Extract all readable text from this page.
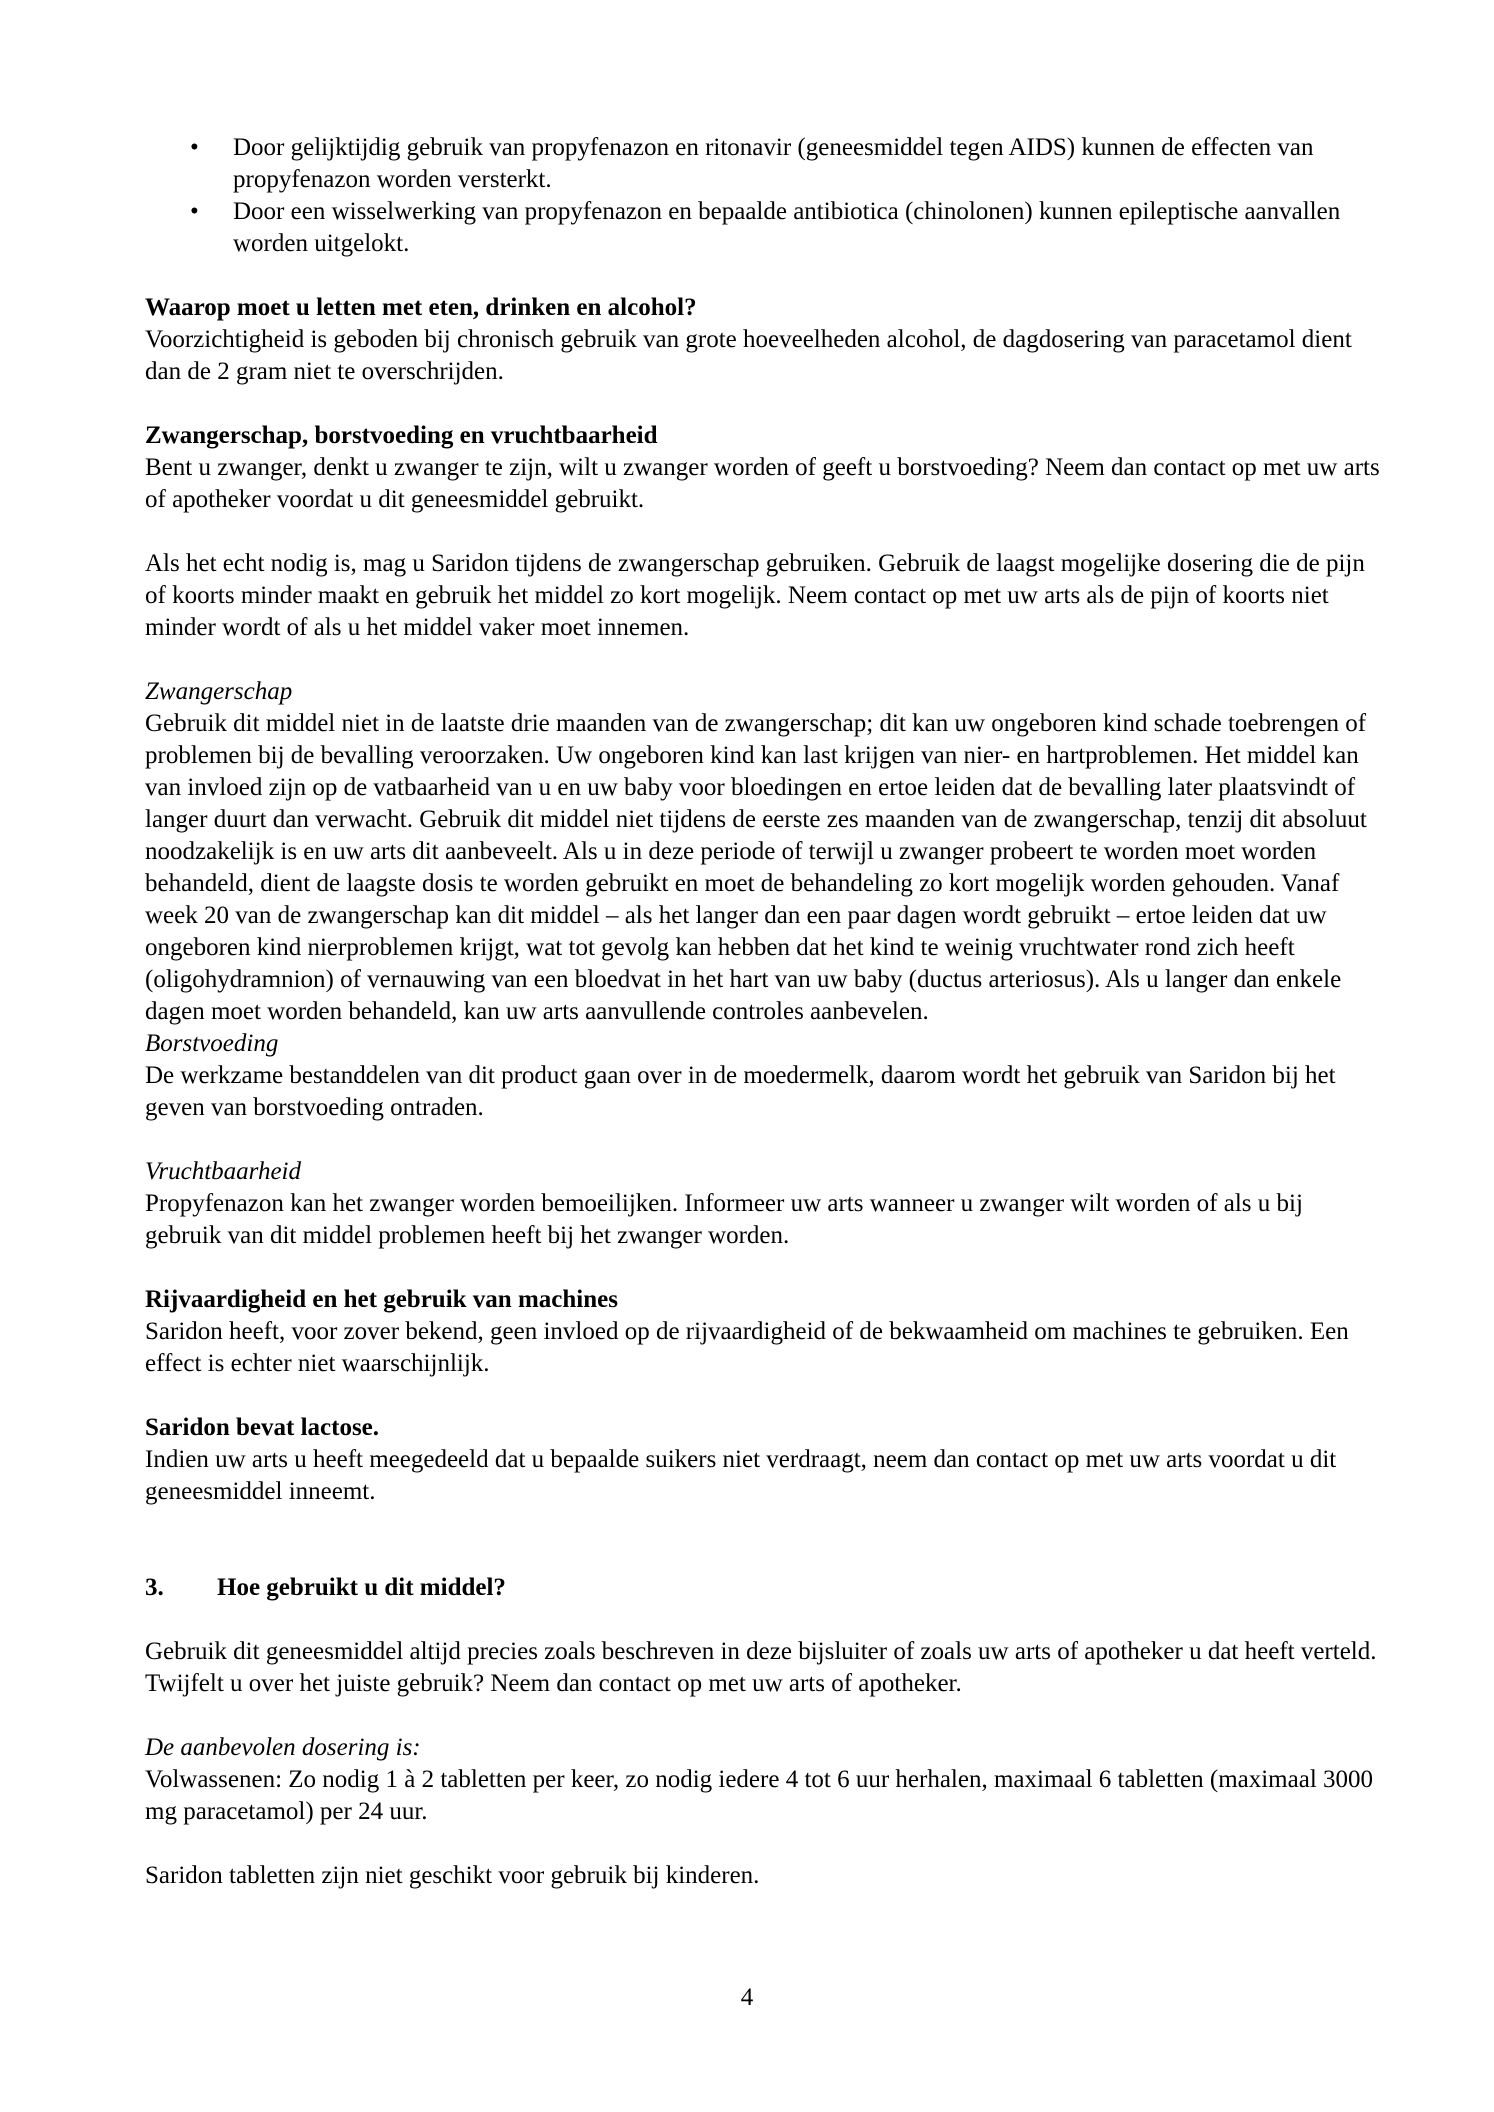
•	Door gelijktijdig gebruik van propyfenazon en ritonavir (geneesmiddel tegen AIDS) kunnen de effecten van propyfenazon worden versterkt.
•	Door een wisselwerking van propyfenazon en bepaalde antibiotica (chinolonen) kunnen epileptische aanvallen worden uitgelokt.

Waarop moet u letten met eten, drinken en alcohol?

Voorzichtigheid is geboden bij chronisch gebruik van grote hoeveelheden alcohol, de dagdosering van paracetamol dient dan de 2 gram niet te overschrijden.

Zwangerschap, borstvoeding en vruchtbaarheid

Bent u zwanger, denkt u zwanger te zijn, wilt u zwanger worden of geeft u borstvoeding? Neem dan contact op met uw arts of apotheker voordat u dit geneesmiddel gebruikt.

Als het echt nodig is, mag u Saridon tijdens de zwangerschap gebruiken. Gebruik de laagst mogelijke dosering die de pijn of koorts minder maakt en gebruik het middel zo kort mogelijk. Neem contact op met uw arts als de pijn of koorts niet minder wordt of als u het middel vaker moet innemen.

Zwangerschap

Gebruik dit middel niet in de laatste drie maanden van de zwangerschap; dit kan uw ongeboren kind schade toebrengen of problemen bij de bevalling veroorzaken. Uw ongeboren kind kan last krijgen van nier- en hartproblemen. Het middel kan van invloed zijn op de vatbaarheid van u en uw baby voor bloedingen en ertoe leiden dat de bevalling later plaatsvindt of langer duurt dan verwacht. Gebruik dit middel niet tijdens de eerste zes maanden van de zwangerschap, tenzij dit absoluut noodzakelijk is en uw arts dit aanbeveelt. Als u in deze periode of terwijl u zwanger probeert te worden moet worden behandeld, dient de laagste dosis te worden gebruikt en moet de behandeling zo kort mogelijk worden gehouden. Vanaf week 20 van de zwangerschap kan dit middel – als het langer dan een paar dagen wordt gebruikt – ertoe leiden dat uw ongeboren kind nierproblemen krijgt, wat tot gevolg kan hebben dat het kind te weinig vruchtwater rond zich heeft (oligohydramnion) of vernauwing van een bloedvat in het hart van uw baby (ductus arteriosus). Als u langer dan enkele dagen moet worden behandeld, kan uw arts aanvullende controles aanbevelen.

Borstvoeding

De werkzame bestanddelen van dit product gaan over in de moedermelk, daarom wordt het gebruik van Saridon bij het geven van borstvoeding ontraden.

Vruchtbaarheid

Propyfenazon kan het zwanger worden bemoeilijken. Informeer uw arts wanneer u zwanger wilt worden of als u bij gebruik van dit middel problemen heeft bij het zwanger worden.

Rijvaardigheid en het gebruik van machines

Saridon heeft, voor zover bekend, geen invloed op de rijvaardigheid of de bekwaamheid om machines te gebruiken. Een effect is echter niet waarschijnlijk.

Saridon bevat lactose.

Indien uw arts u heeft meegedeeld dat u bepaalde suikers niet verdraagt, neem dan contact op met uw arts voordat u dit geneesmiddel inneemt.

3.	Hoe gebruikt u dit middel?

Gebruik dit geneesmiddel altijd precies zoals beschreven in deze bijsluiter of zoals uw arts of apotheker u dat heeft verteld. Twijfelt u over het juiste gebruik? Neem dan contact op met uw arts of apotheker.

De aanbevolen dosering is:

Volwassenen: Zo nodig 1 à 2 tabletten per keer, zo nodig iedere 4 tot 6 uur herhalen, maximaal 6 tabletten (maximaal 3000 mg paracetamol) per 24 uur.

Saridon tabletten zijn niet geschikt voor gebruik bij kinderen.

4
